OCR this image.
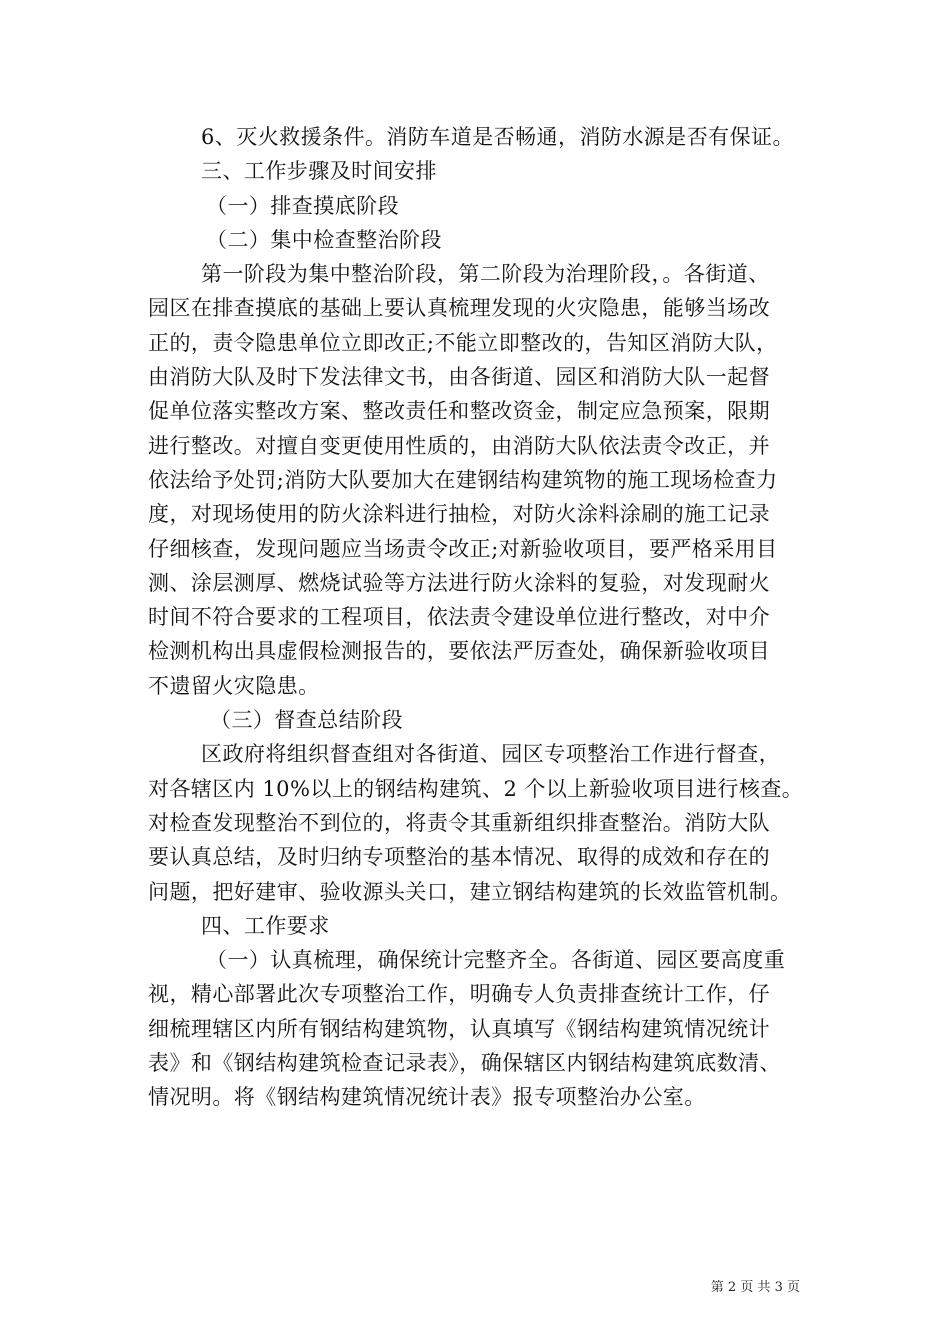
6、灭火救援条件。消防车道是否畅通，消防水源是否有保证。
三、工作步骤及时间安排
（一）排查摸底阶段
（二）集中检查整治阶段
第一阶段为集中整治阶段，第二阶段为治理阶段，。各街道、
园区在排查摸底的基础上要认真梳理发现的火灾隐患，能够当场改
正的，责令隐患单位立即改正;不能立即整改的，告知区消防大队，
由消防大队及时下发法律文书，由各街道、园区和消防大队一起督
促单位落实整改方案、整改责任和整改资金，制定应急预案，限期
进行整改。对擅自变更使用性质的，由消防大队依法责令改正，并
依法给予处罚;消防大队要加大在建钢结构建筑物的施工现场检查力
度，对现场使用的防火涂料进行抽检，对防火涂料涂刷的施工记录
仔细核查，发现问题应当场责令改正;对新验收项目，要严格采用目
测、涂层测厚、燃烧试验等方法进行防火涂料的复验，对发现耐火
时间不符合要求的工程项目，依法责令建设单位进行整改，对中介
检测机构出具虚假检测报告的，要依法严厉查处，确保新验收项目
不遗留火灾隐患。
（三）督查总结阶段
区政府将组织督查组对各街道、园区专项整治工作进行督查，
对各辖区内 10%以上的钢结构建筑、2 个以上新验收项目进行核查。
对检查发现整治不到位的，将责令其重新组织排查整治。消防大队
要认真总结，及时归纳专项整治的基本情况、取得的成效和存在的
问题，把好建审、验收源头关口，建立钢结构建筑的长效监管机制。
四、工作要求
（一）认真梳理，确保统计完整齐全。各街道、园区要高度重
视，精心部署此次专项整治工作，明确专人负责排查统计工作，仔
细梳理辖区内所有钢结构建筑物，认真填写《钢结构建筑情况统计
表》和《钢结构建筑检查记录表》，确保辖区内钢结构建筑底数清、
情况明。将《钢结构建筑情况统计表》报专项整治办公室。
第 2 页 共 3 页
